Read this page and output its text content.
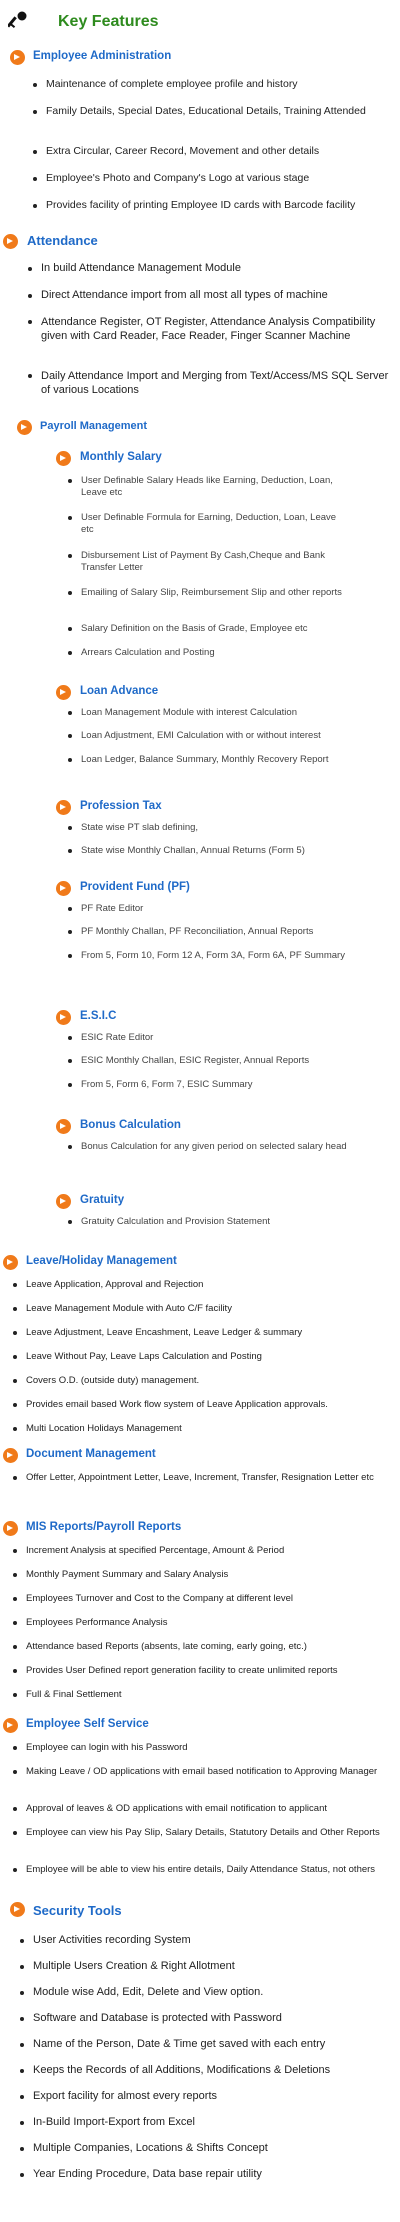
Key Features
Employee Administration
Maintenance of complete employee profile and history
Family Details, Special Dates, Educational Details, Training Attended
Extra Circular, Career Record, Movement and other details
Employee's Photo and Company's Logo at various stage
Provides facility of printing Employee ID cards with Barcode facility
Attendance
In build Attendance Management Module
Direct Attendance import from all most all types of machine
Attendance Register, OT Register, Attendance Analysis Compatibility given with Card Reader, Face Reader, Finger Scanner Machine
Daily Attendance Import and Merging from Text/Access/MS SQL Server of various Locations
Payroll Management
Monthly Salary
User Definable Salary Heads like Earning, Deduction, Loan, Leave etc
User Definable Formula for Earning, Deduction, Loan, Leave etc
Disbursement List of Payment By Cash,Cheque and Bank Transfer Letter
Emailing of Salary Slip, Reimbursement Slip and other reports
Salary Definition on the Basis of Grade, Employee etc
Arrears Calculation and Posting
Loan Advance
Loan Management Module with interest Calculation
Loan Adjustment, EMI Calculation with or without interest
Loan Ledger, Balance Summary, Monthly Recovery Report
Profession Tax
State wise PT slab defining,
State wise Monthly Challan, Annual Returns (Form 5)
Provident Fund (PF)
PF Rate Editor
PF Monthly Challan, PF Reconciliation, Annual Reports
From 5, Form 10, Form 12 A, Form 3A, Form 6A, PF Summary
E.S.I.C
ESIC Rate Editor
ESIC Monthly Challan, ESIC Register, Annual Reports
From 5, Form 6, Form 7, ESIC Summary
Bonus Calculation
Bonus Calculation for any given period on selected salary head
Gratuity
Gratuity Calculation and Provision Statement
Leave/Holiday Management
Leave Application, Approval and Rejection
Leave Management Module with Auto C/F facility
Leave Adjustment, Leave Encashment, Leave Ledger & summary
Leave Without Pay, Leave Laps Calculation and Posting
Covers O.D. (outside duty) management.
Provides email based Work flow system of Leave Application approvals.
Multi Location Holidays Management
Document Management
Offer Letter, Appointment Letter, Leave, Increment, Transfer, Resignation Letter etc
MIS Reports/Payroll Reports
Increment Analysis at specified Percentage, Amount & Period
Monthly Payment Summary and Salary Analysis
Employees Turnover and Cost to the Company at different level
Employees Performance Analysis
Attendance based Reports (absents, late coming, early going, etc.)
Provides User Defined report generation facility to create unlimited reports
Full & Final Settlement
Employee Self Service
Employee can login with his Password
Making Leave / OD applications with email based notification to Approving Manager
Approval of leaves & OD applications with email notification to applicant
Employee can view his Pay Slip, Salary Details, Statutory Details and Other Reports
Employee will be able to view his entire details, Daily Attendance Status, not others
Security Tools
User Activities recording System
Multiple Users Creation & Right Allotment
Module wise Add, Edit, Delete and View option.
Software and Database is protected with Password
Name of the Person, Date & Time get saved with each entry
Keeps the Records of all Additions, Modifications & Deletions
Export facility for almost every reports
In-Build Import-Export from Excel
Multiple Companies, Locations & Shifts Concept
Year Ending Procedure, Data base repair utility
